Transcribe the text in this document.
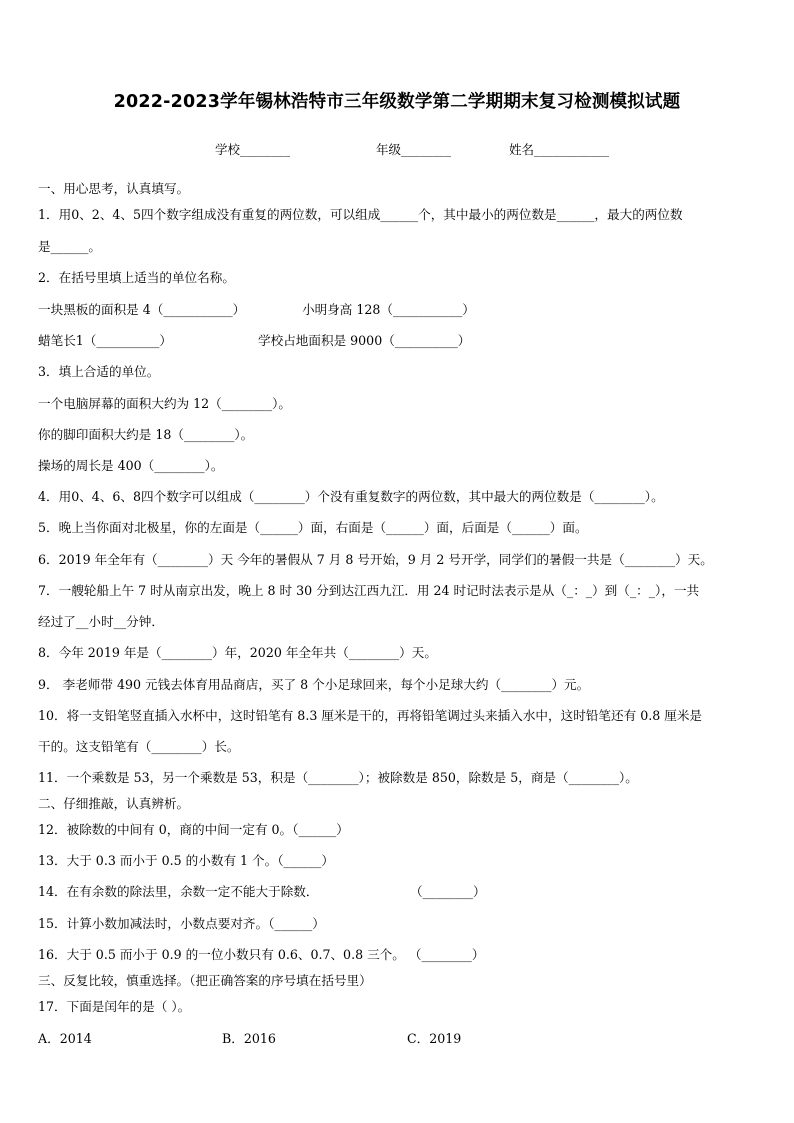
2022-2023学年锡林浩特市三年级数学第二学期期末复习检测模拟试题
学校________	年级________	姓名____________
一、用心思考，认真填写。
1．用0、2、4、5四个数字组成没有重复的两位数，可以组成______个，其中最小的两位数是______，最大的两位数
是______。
2．在括号里填上适当的单位名称。
一块黑板的面积是 4（___________）	小明身高 128（___________）
蜡笔长1（__________）	学校占地面积是 9000（__________）
3．填上合适的单位。
一个电脑屏幕的面积大约为 12（________）。
你的脚印面积大约是 18（________）。
操场的周长是 400（________）。
4．用0、4、6、8四个数字可以组成（________）个没有重复数字的两位数，其中最大的两位数是（________）。
5．晚上当你面对北极星，你的左面是（______）面，右面是（______）面，后面是（______）面。
6．2019 年全年有（________）天 今年的暑假从 7 月 8 号开始，9 月 2 号开学，同学们的暑假一共是（________）天。
7．一艘轮船上午 7 时从南京出发，晚上 8 时 30 分到达江西九江．用 24 时记时法表示是从（_：_）到（_：_），一共
经过了__小时__分钟．
8．今年 2019 年是（________）年，2020 年全年共（________）天。
9． 李老师带 490 元钱去体育用品商店，买了 8 个小足球回来，每个小足球大约（________）元。
10．将一支铅笔竖直插入水杯中，这时铅笔有 8.3 厘米是干的，再将铅笔调过头来插入水中，这时铅笔还有 0.8 厘米是
干的。这支铅笔有（________）长。
11．一个乘数是 53，另一个乘数是 53，积是（________）；被除数是 850，除数是 5，商是（________）。
二、仔细推敲，认真辨析。
12．被除数的中间有 0，商的中间一定有 0。（______）
13．大于 0.3 而小于 0.5 的小数有 1 个。（______）
14．在有余数的除法里，余数一定不能大于除数．	（________）
15．计算小数加减法时，小数点要对齐。（______）
16．大于 0.5 而小于 0.9 的一位小数只有 0.6、0.7、0.8 三个。 （________）
三、反复比较，慎重选择。（把正确答案的序号填在括号里）
17．下面是闰年的是（ ）。
A．2014	B．2016	C．2019
